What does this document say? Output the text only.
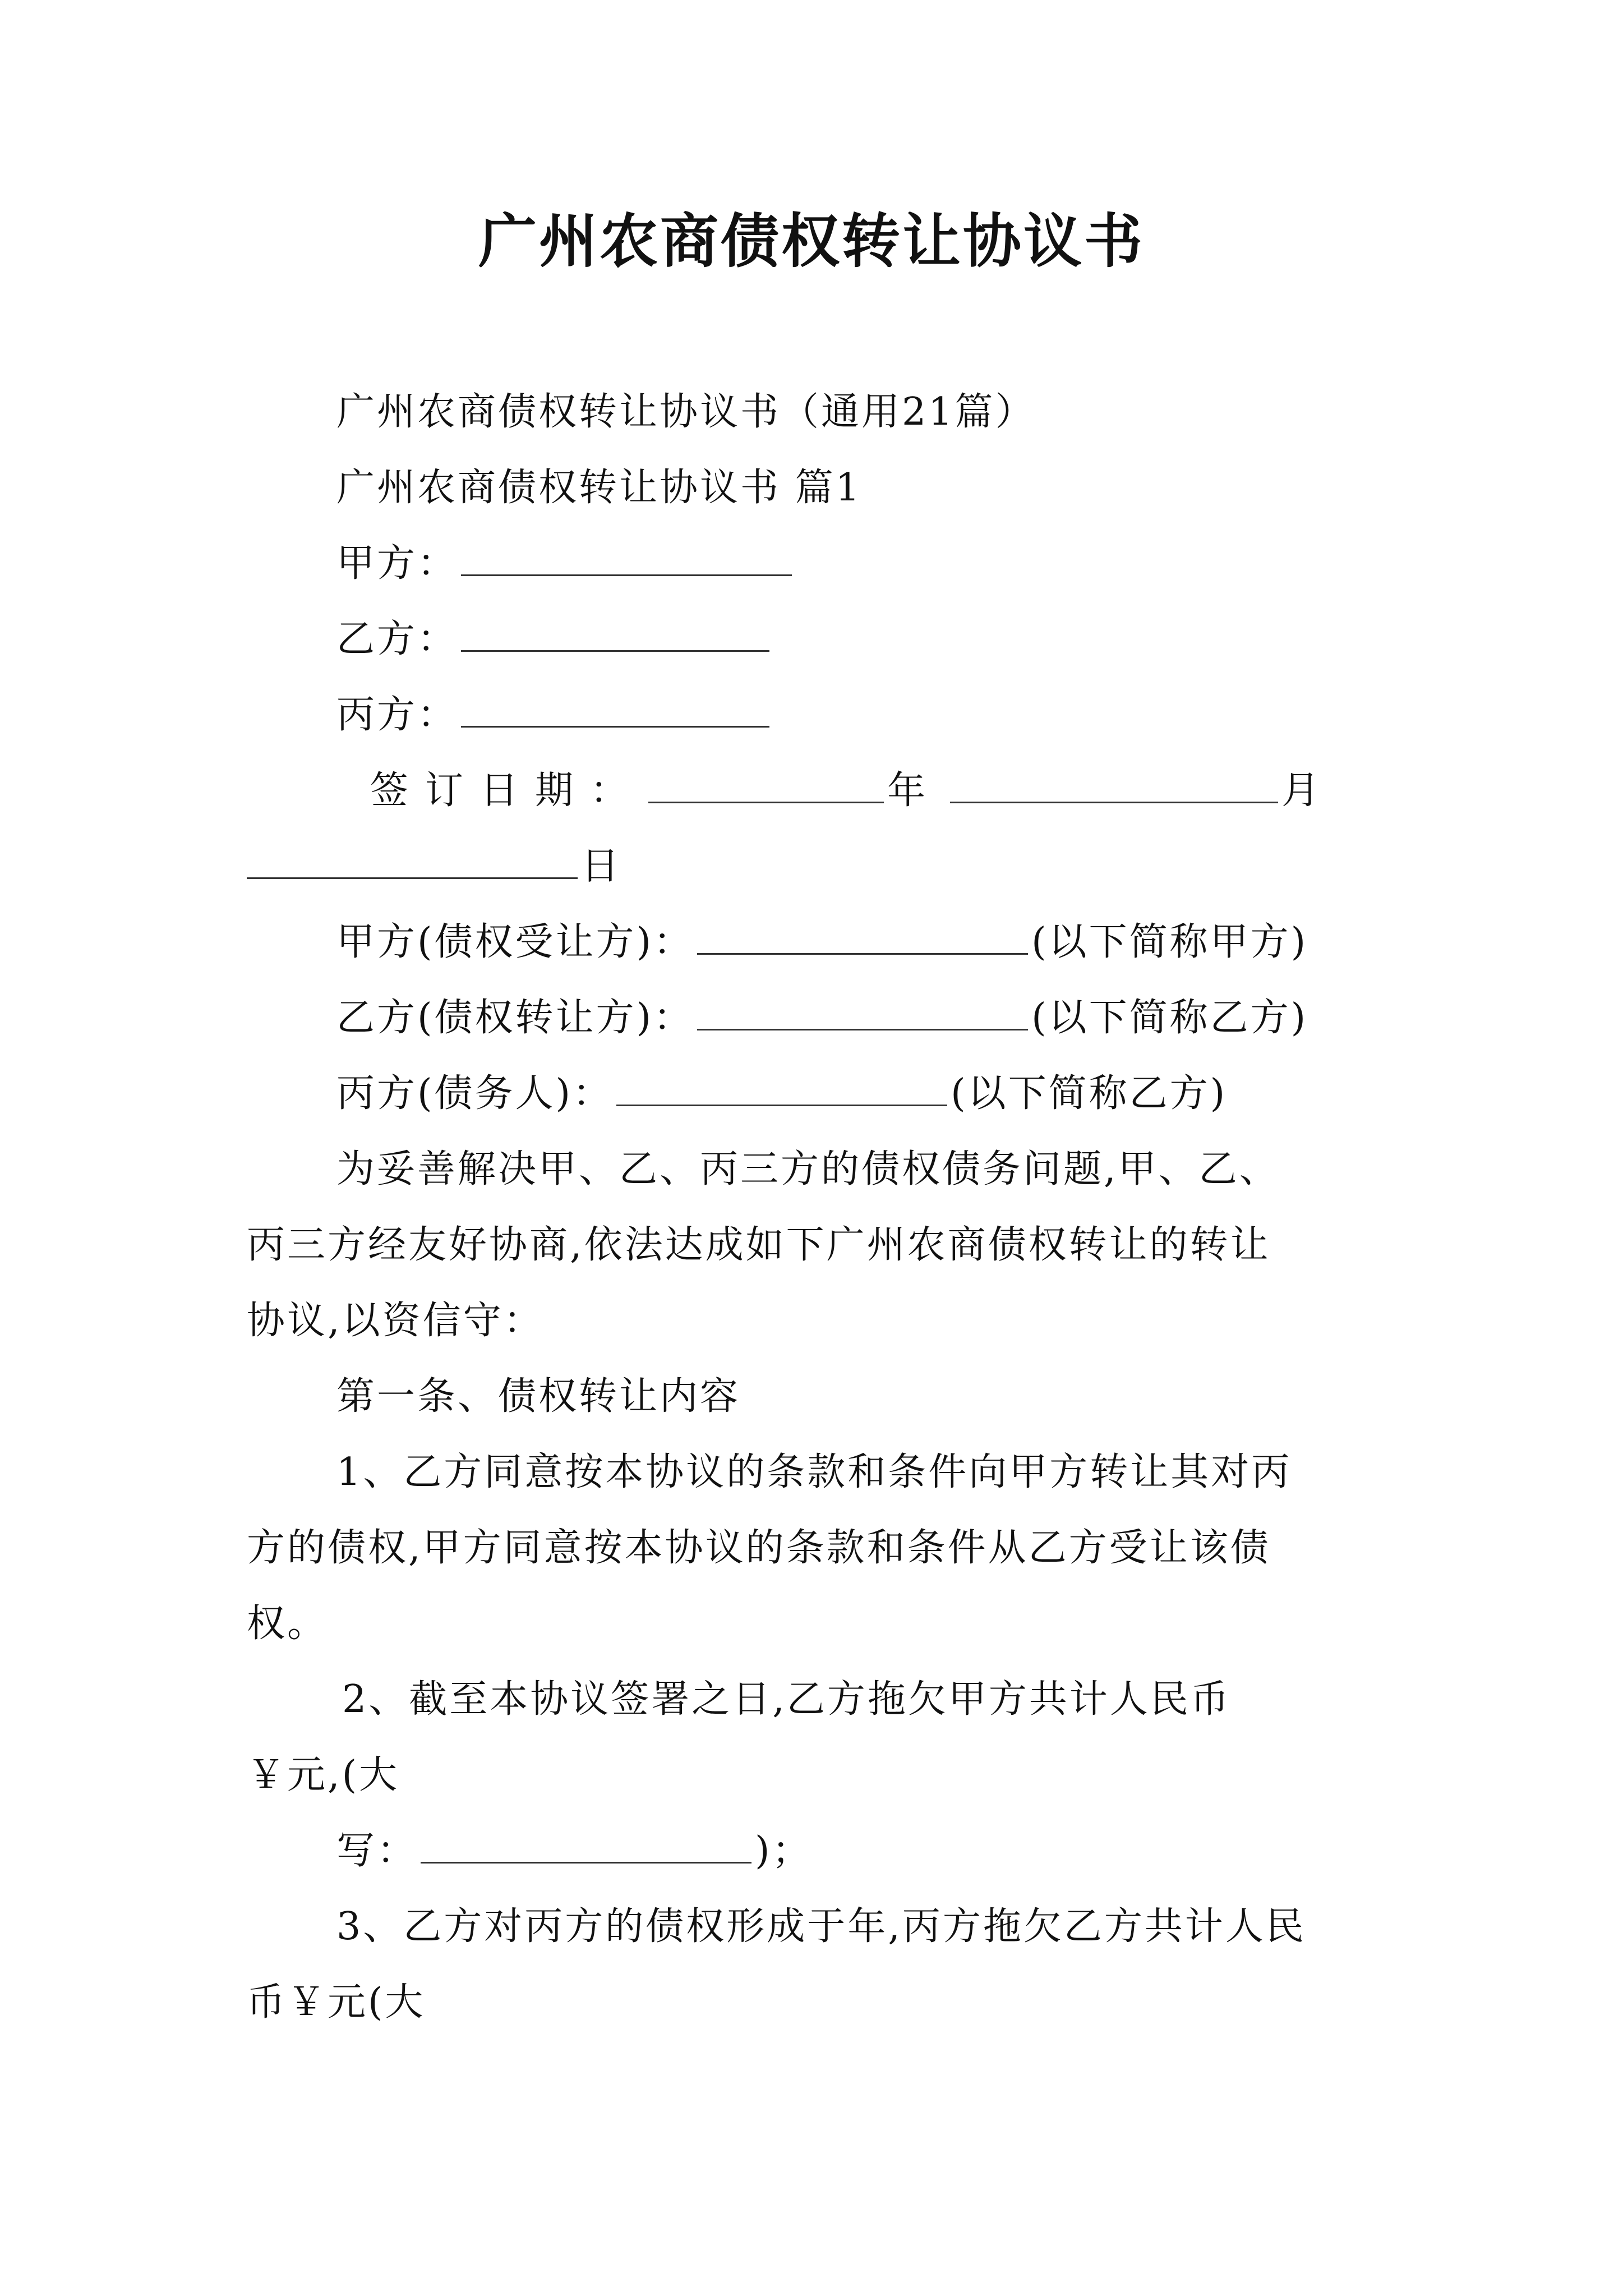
广州农商债权转让协议书
广州农商债权转让协议书（通用21篇）
广州农商债权转让协议书 篇1
甲方：
乙方：
丙方：
签订日期：	年	月
日
甲方(债权受让方)：	(以下简称甲方)
乙方(债权转让方)：	(以下简称乙方)
丙方(债务人)：	(以下简称乙方)
为妥善解决甲、乙、丙三方的债权债务问题,甲、乙、
丙三方经友好协商,依法达成如下广州农商债权转让的转让
协议,以资信守：
第一条、债权转让内容
1、乙方同意按本协议的条款和条件向甲方转让其对丙
方的债权,甲方同意按本协议的条款和条件从乙方受让该债
权。
2、截至本协议签署之日,乙方拖欠甲方共计人民币
￥元,(大
写：	)；
3、乙方对丙方的债权形成于年,丙方拖欠乙方共计人民
币￥元(大
